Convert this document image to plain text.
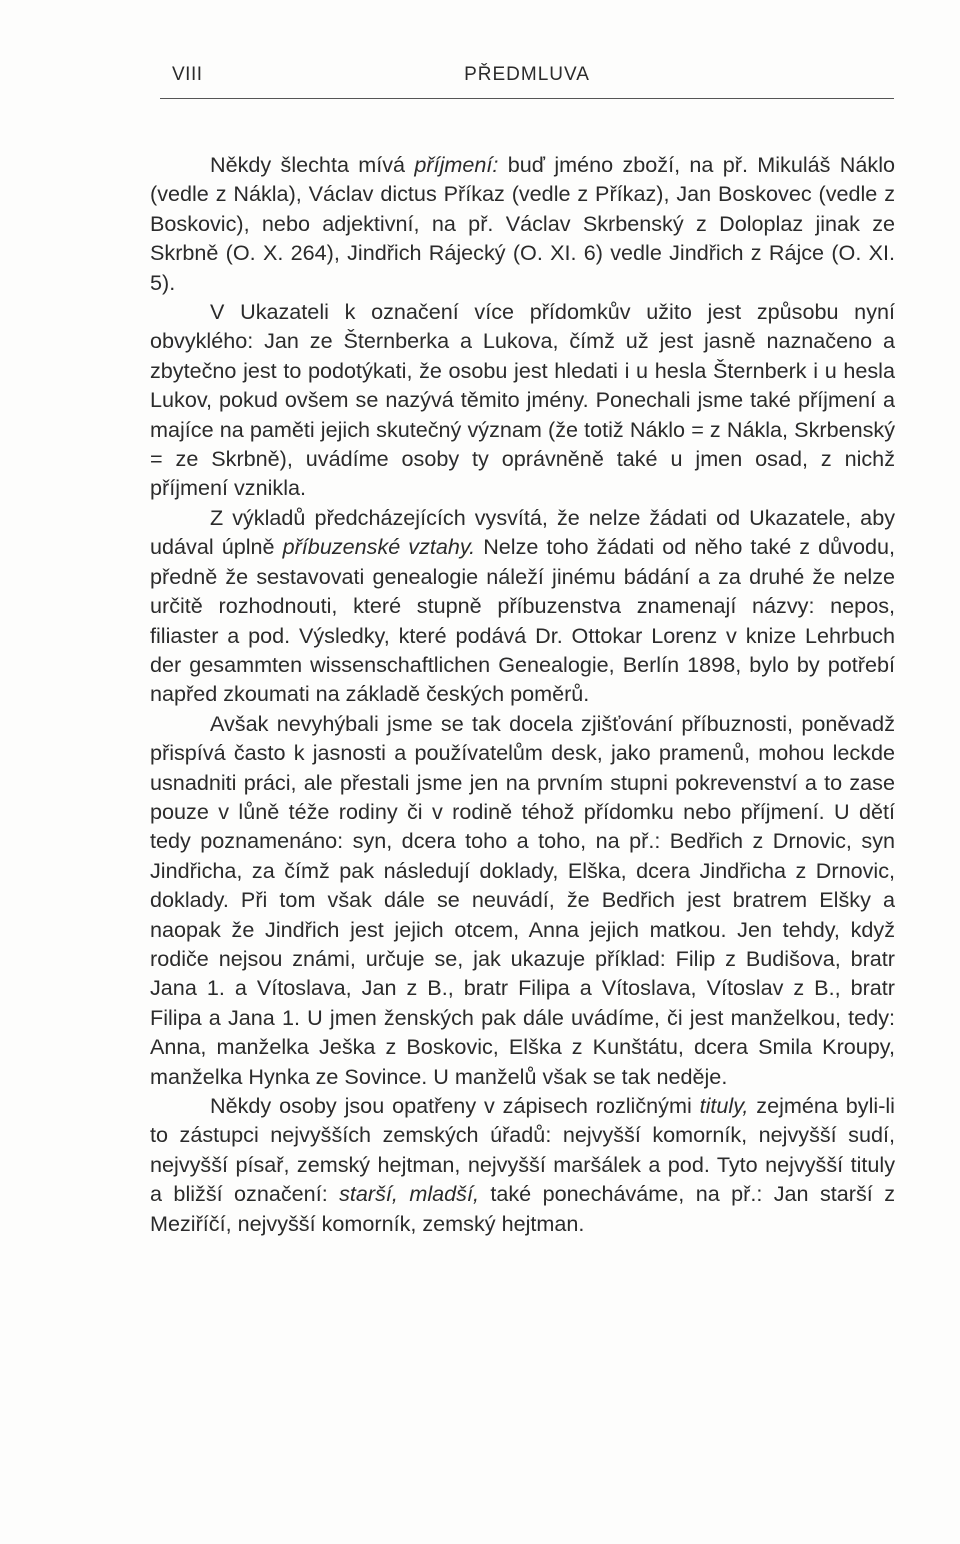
VIII	PŘEDMLUVA

Někdy šlechta mívá příjmení: buď jméno zboží, na př. Mikuláš Náklo (vedle z Nákla), Václav dictus Příkaz (vedle z Příkaz), Jan Boskovec (vedle z Boskovic), nebo adjektivní, na př. Václav Skrbenský z Doloplaz jinak ze Skrbně (O. X. 264), Jindřich Rájecký (O. XI. 6) vedle Jindřich z Rájce (O. XI. 5).

V Ukazateli k označení více přídomkův užito jest způsobu nyní obvyklého: Jan ze Šternberka a Lukova, čímž už jest jasně naznačeno a zbytečno jest to podotýkati, že osobu jest hledati i u hesla Šternberk i u hesla Lukov, pokud ovšem se nazývá těmito jmény. Ponechali jsme také příjmení a majíce na paměti jejich skutečný význam (že totiž Náklo = z Nákla, Skrbenský = ze Skrbně), uvádíme osoby ty oprávněně také u jmen osad, z nichž příjmení vznikla.

Z výkladů předcházejících vysvítá, že nelze žádati od Ukazatele, aby udával úplně příbuzenské vztahy. Nelze toho žádati od něho také z důvodu, předně že sestavovati genealogie náleží jinému bádání a za druhé že nelze určitě rozhodnouti, které stupně příbuzenstva znamenají názvy: nepos, filiaster a pod. Výsledky, které podává Dr. Ottokar Lorenz v knize Lehrbuch der gesammten wissenschaftlichen Genealogie, Berlín 1898, bylo by potřebí napřed zkoumati na základě českých poměrů.

Avšak nevyhýbali jsme se tak docela zjišťování příbuznosti, poněvadž přispívá často k jasnosti a používatelům desk, jako pramenů, mohou leckde usnadniti práci, ale přestali jsme jen na prvním stupni pokrevenství a to zase pouze v lůně téže rodiny či v rodině téhož přídomku nebo příjmení. U dětí tedy poznamenáno: syn, dcera toho a toho, na př.: Bedřich z Drnovic, syn Jindřicha, za čímž pak následují doklady, Elška, dcera Jindřicha z Drnovic, doklady. Při tom však dále se neuvádí, že Bedřich jest bratrem Elšky a naopak že Jindřich jest jejich otcem, Anna jejich matkou. Jen tehdy, když rodiče nejsou známi, určuje se, jak ukazuje příklad: Filip z Budišova, bratr Jana 1. a Vítoslava, Jan z B., bratr Filipa a Vítoslava, Vítoslav z B., bratr Filipa a Jana 1. U jmen ženských pak dále uvádíme, či jest manželkou, tedy: Anna, manželka Ješka z Boskovic, Elška z Kunštátu, dcera Smila Kroupy, manželka Hynka ze Sovince. U manželů však se tak neděje.

Někdy osoby jsou opatřeny v zápisech rozličnými tituly, zejména byli-li to zástupci nejvyšších zemských úřadů: nejvyšší komorník, nejvyšší sudí, nejvyšší písař, zemský hejtman, nejvyšší maršálek a pod. Tyto nejvyšší tituly a bližší označení: starší, mladší, také ponecháváme, na př.: Jan starší z Meziříčí, nejvyšší komorník, zemský hejtman.
